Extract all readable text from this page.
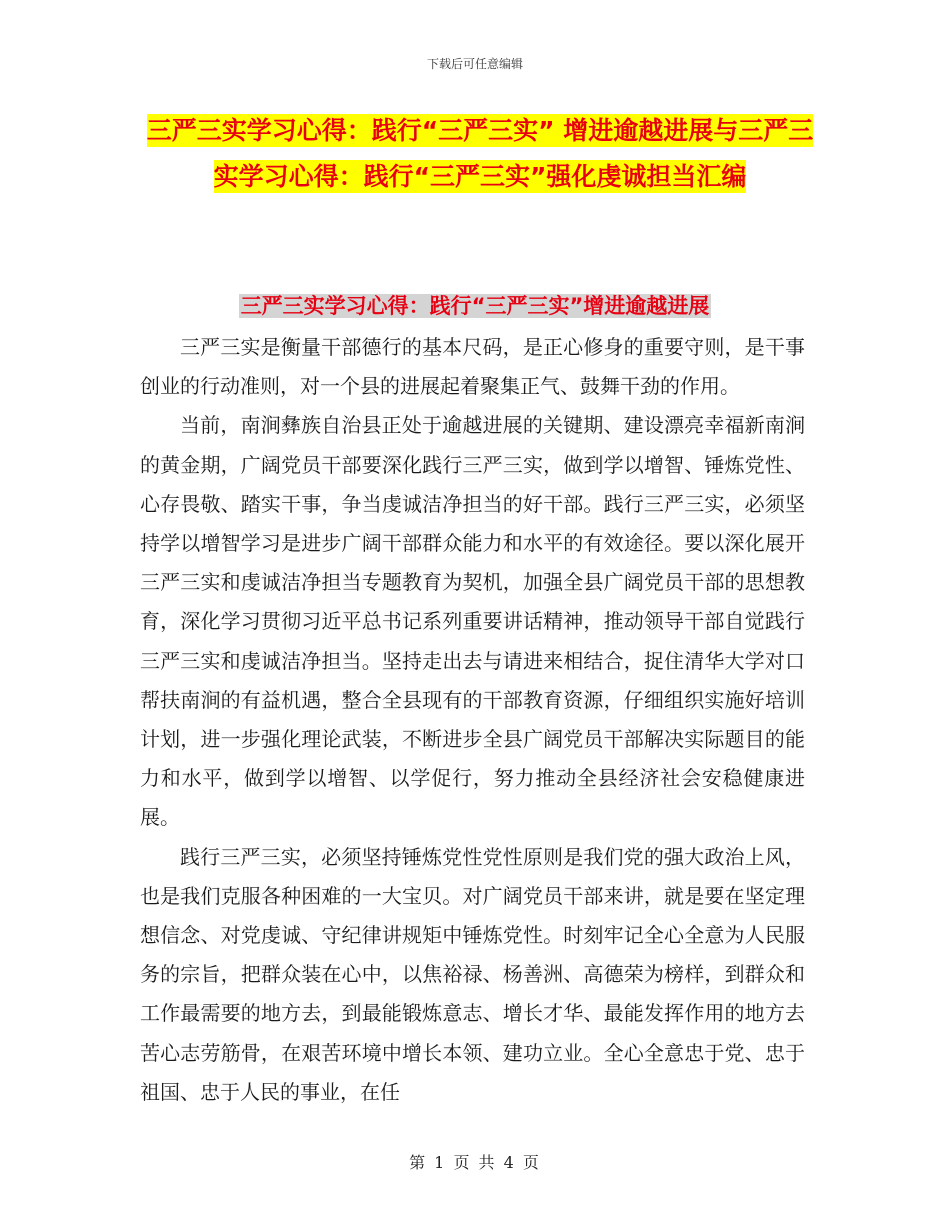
下载后可任意编辑
三严三实学习心得：践行“三严三实” 增进逾越进展与三严三实学习心得：践行“三严三实”强化虔诚担当汇编
三严三实学习心得：践行“三严三实”增进逾越进展

三严三实是衡量干部德行的基本尺码，是正心修身的重要守则，是干事创业的行动准则，对一个县的进展起着聚集正气、鼓舞干劲的作用。

当前，南涧彝族自治县正处于逾越进展的关键期、建设漂亮幸福新南涧的黄金期，广阔党员干部要深化践行三严三实，做到学以增智、锤炼党性、心存畏敬、踏实干事，争当虔诚洁净担当的好干部。践行三严三实，必须坚持学以增智学习是进步广阔干部群众能力和水平的有效途径。要以深化展开三严三实和虔诚洁净担当专题教育为契机，加强全县广阔党员干部的思想教育，深化学习贯彻习近平总书记系列重要讲话精神，推动领导干部自觉践行三严三实和虔诚洁净担当。坚持走出去与请进来相结合，捉住清华大学对口帮扶南涧的有益机遇，整合全县现有的干部教育资源，仔细组织实施好培训计划，进一步强化理论武装，不断进步全县广阔党员干部解决实际题目的能力和水平，做到学以增智、以学促行，努力推动全县经济社会安稳健康进展。

践行三严三实，必须坚持锤炼党性党性原则是我们党的强大政治上风，也是我们克服各种困难的一大宝贝。对广阔党员干部来讲，就是要在坚定理想信念、对党虔诚、守纪律讲规矩中锤炼党性。时刻牢记全心全意为人民服务的宗旨，把群众装在心中，以焦裕禄、杨善洲、高德荣为榜样，到群众和工作最需要的地方去，到最能锻炼意志、增长才华、最能发挥作用的地方去苦心志劳筋骨，在艰苦环境中增长本领、建功立业。全心全意忠于党、忠于祖国、忠于人民的事业，在任

第 1 页 共 4 页
